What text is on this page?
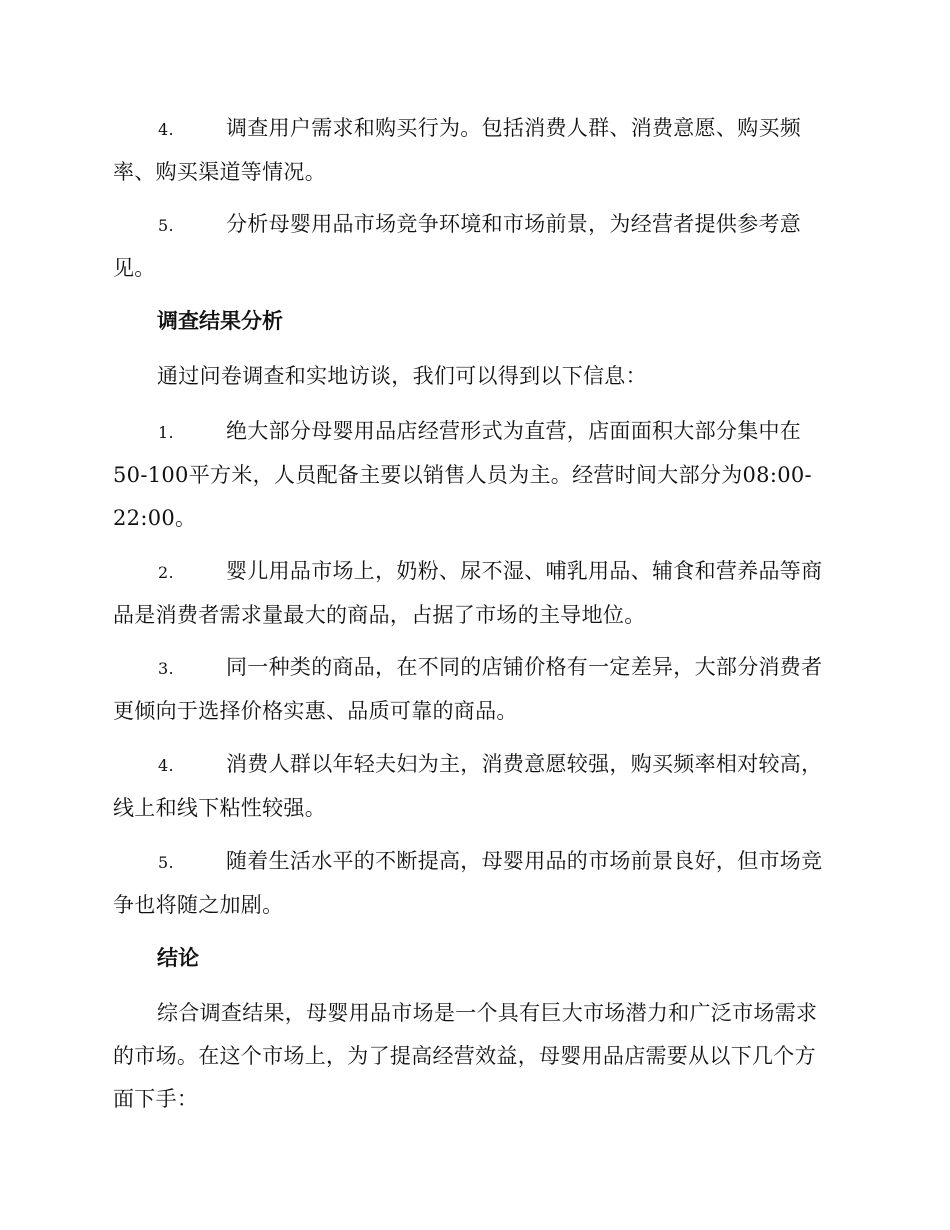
4. 调查用户需求和购买行为。包括消费人群、消费意愿、购买频率、购买渠道等情况。
5. 分析母婴用品市场竞争环境和市场前景，为经营者提供参考意见。
调查结果分析
通过问卷调查和实地访谈，我们可以得到以下信息：
1. 绝大部分母婴用品店经营形式为直营，店面面积大部分集中在50-100平方米，人员配备主要以销售人员为主。经营时间大部分为08:00-22:00。
2. 婴儿用品市场上，奶粉、尿不湿、哺乳用品、辅食和营养品等商品是消费者需求量最大的商品，占据了市场的主导地位。
3. 同一种类的商品，在不同的店铺价格有一定差异，大部分消费者更倾向于选择价格实惠、品质可靠的商品。
4. 消费人群以年轻夫妇为主，消费意愿较强，购买频率相对较高，线上和线下粘性较强。
5. 随着生活水平的不断提高，母婴用品的市场前景良好，但市场竞争也将随之加剧。
结论
综合调查结果，母婴用品市场是一个具有巨大市场潜力和广泛市场需求的市场。在这个市场上，为了提高经营效益，母婴用品店需要从以下几个方面下手：
